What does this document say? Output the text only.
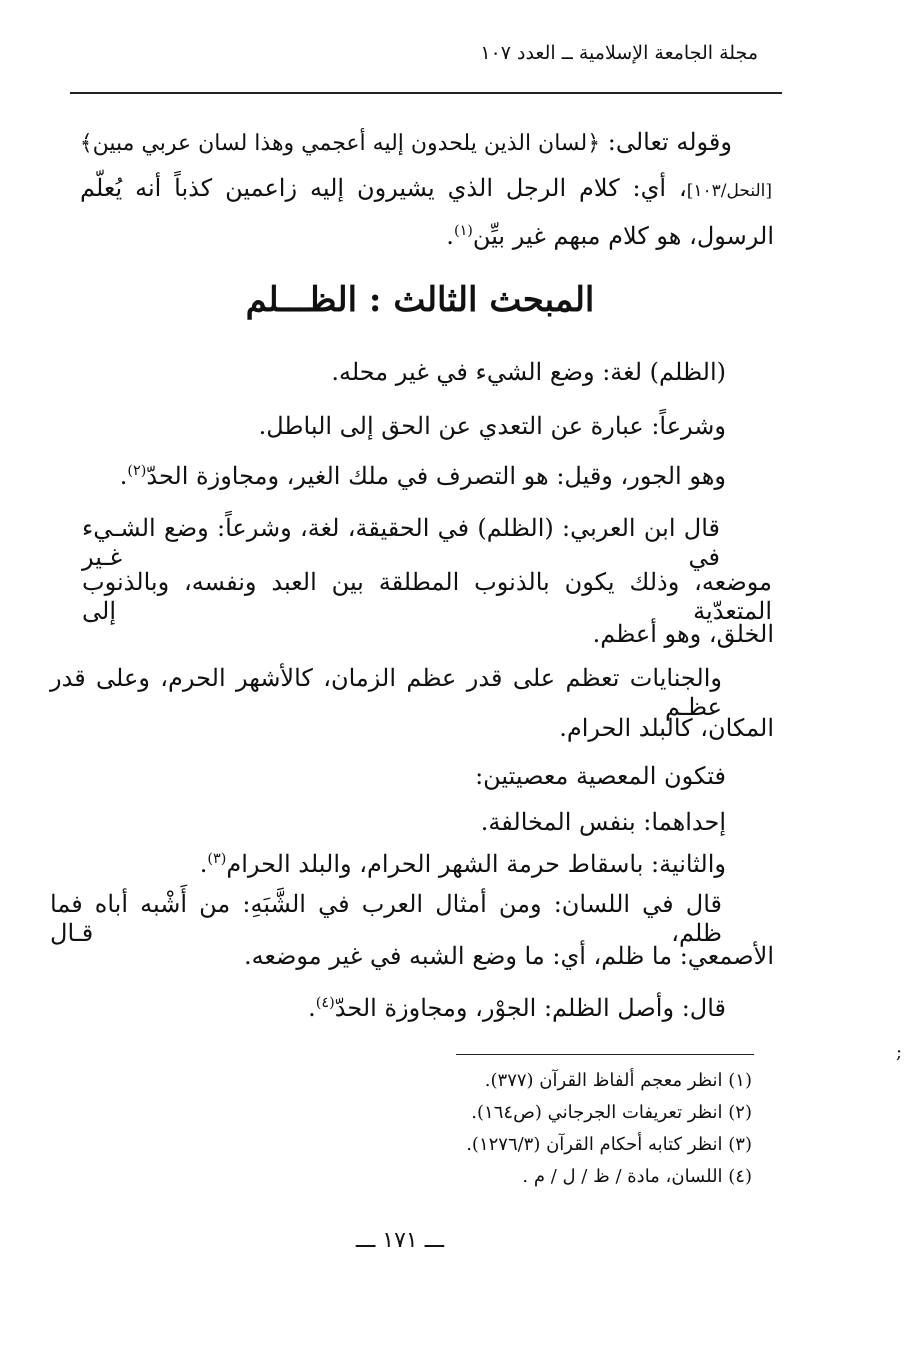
مجلة الجامعة الإسلامية ــ العدد ١٠٧
وقوله تعالى: ﴿لسان الذين يلحدون إليه أعجمي وهذا لسان عربي مبين﴾
[النحل/١٠٣]، أي: كلام الرجل الذي يشيرون إليه زاعمين كذباً أنه يُعلّم
الرسول، هو كلام مبهم غير بيِّن$^{(١)}$.
المبحث الثالث : الظـــلم
(الظلم) لغة: وضع الشيء في غير محله.
وشرعاً: عبارة عن التعدي عن الحق إلى الباطل.
وهو الجور، وقيل: هو التصرف في ملك الغير، ومجاوزة الحدّ$^{(٢)}$.
قال ابن العربي: (الظلم) في الحقيقة، لغة، وشرعاً: وضع الشـيء في غـير
موضعه، وذلك يكون بالذنوب المطلقة بين العبد ونفسه، وبالذنوب المتعدّية إلى
الخلق، وهو أعظم.
والجنايات تعظم على قدر عظم الزمان، كالأشهر الحرم، وعلى قدر عظـم
المكان، كالبلد الحرام.
فتكون المعصية معصيتين:
إحداهما: بنفس المخالفة.
والثانية: باسقاط حرمة الشهر الحرام، والبلد الحرام$^{(٣)}$.
قال في اللسان: ومن أمثال العرب في الشَّبَهِ: من أَشْبه أباه فما ظلم، قـال
الأصمعي: ما ظلم، أي: ما وضع الشبه في غير موضعه.
قال: وأصل الظلم: الجوْر، ومجاوزة الحدّ$^{(٤)}$.
(١) انظر معجم ألفاظ القرآن (٣٧٧).
(٢) انظر تعريفات الجرجاني (ص١٦٤).
(٣) انظر كتابه أحكام القرآن (١٢٧٦/٣).
(٤) اللسان، مادة / ظ / ل / م .
ـــ ١٧١ ـــ
;
